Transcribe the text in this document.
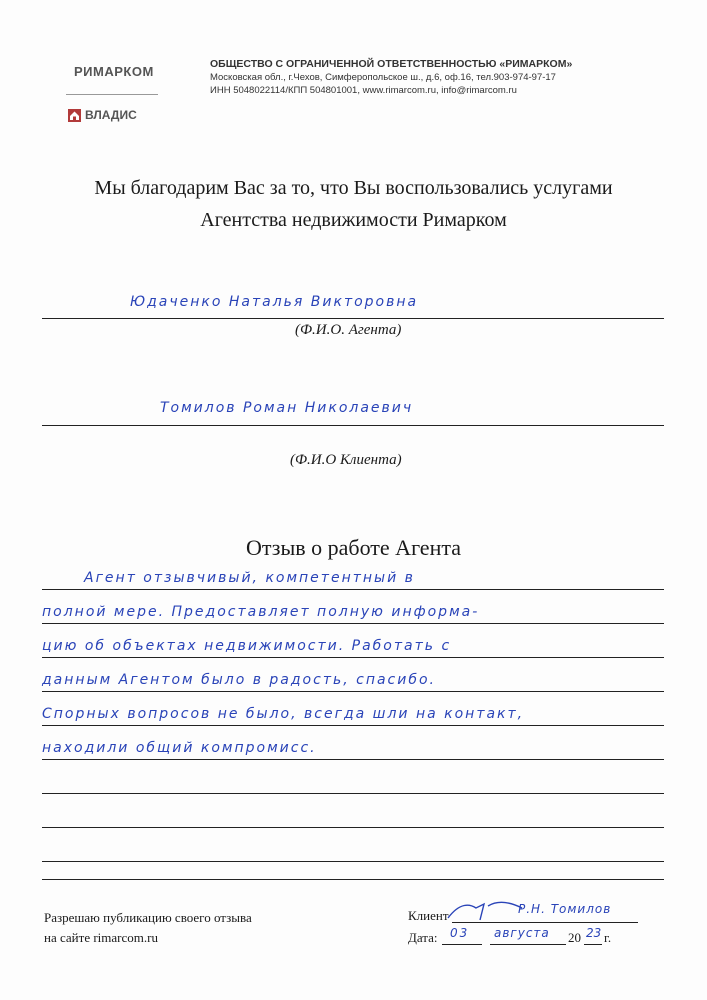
РИМАРКОМ
ВЛАДИС
ОБЩЕСТВО С ОГРАНИЧЕННОЙ ОТВЕТСТВЕННОСТЬЮ «РИМАРКОМ»
Московская обл., г.Чехов, Симферопольское ш., д.6, оф.16, тел.903-974-97-17
ИНН 5048022114/КПП 504801001, www.rimarcom.ru, info@rimarcom.ru
Мы благодарим Вас за то, что Вы воспользовались услугами
Агентства недвижимости Римарком
Юдаченко Наталья Викторовна
(Ф.И.О. Агента)
Томилов Роман Николаевич
(Ф.И.О Клиента)
Отзыв о работе Агента
Агент отзывчивый, компетентный в
полной мере. Предоставляет полную информа-
цию об объектах недвижимости. Работать с
данным Агентом было в радость, спасибо.
Спорных вопросов не было, всегда шли на контакт,
находили общий компромисс.
Разрешаю публикацию своего отзыва
на сайте rimarcom.ru
Клиент	Р.Н. Томилов
Дата: 03 августа 20 23 г.
